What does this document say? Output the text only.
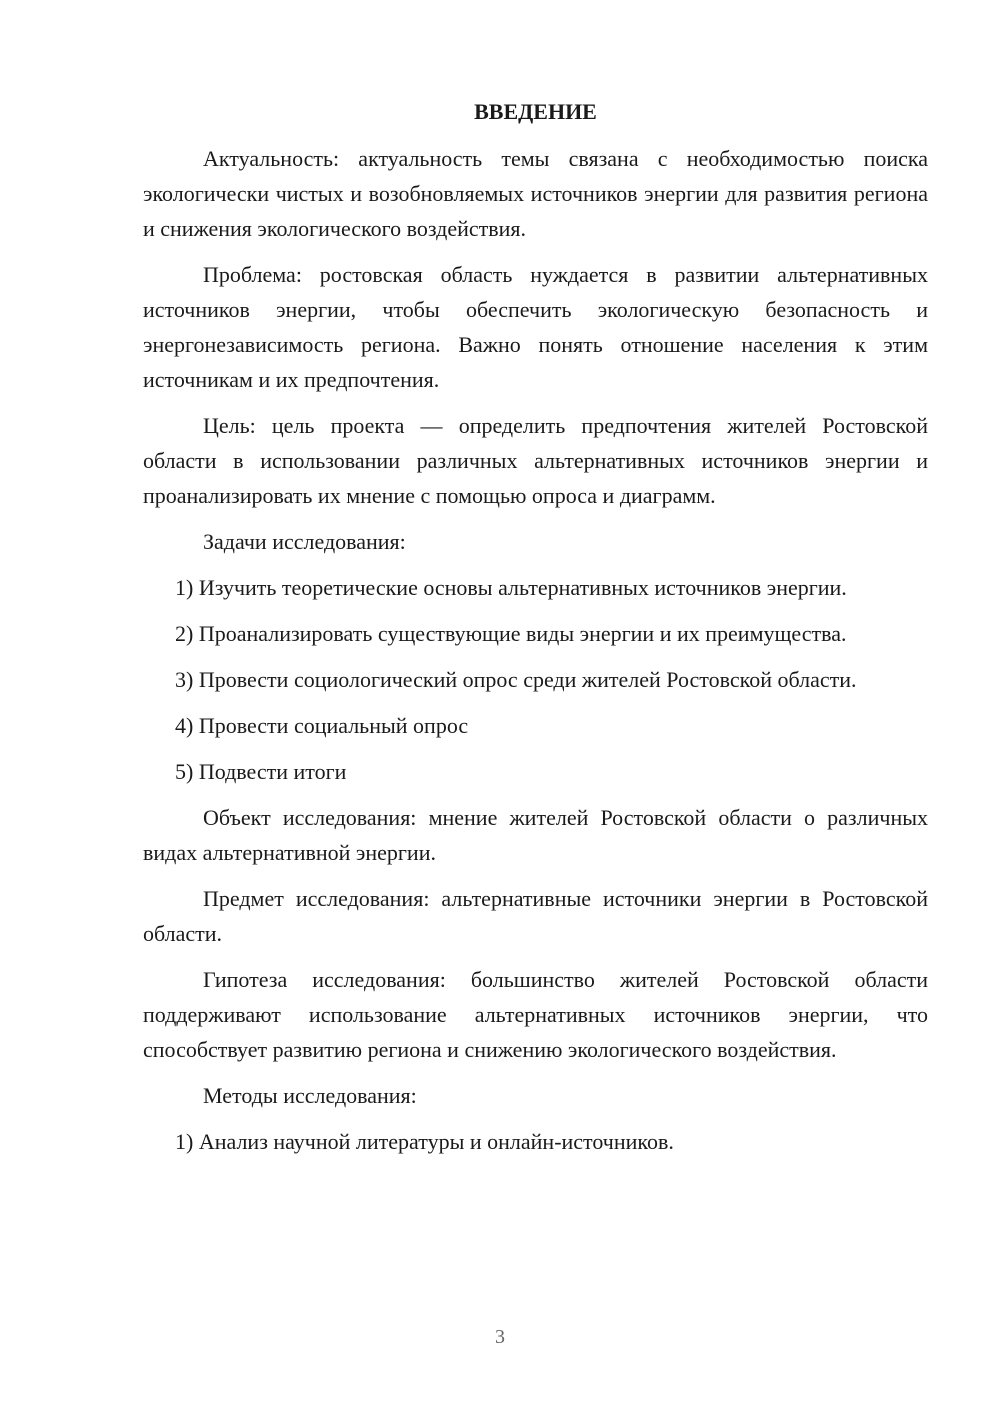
ВВЕДЕНИЕ

Актуальность: актуальность темы связана с необходимостью поиска экологически чистых и возобновляемых источников энергии для развития региона и снижения экологического воздействия.

Проблема: ростовская область нуждается в развитии альтернативных источников энергии, чтобы обеспечить экологическую безопасность и энергонезависимость региона. Важно понять отношение населения к этим источникам и их предпочтения.

Цель: цель проекта — определить предпочтения жителей Ростовской области в использовании различных альтернативных источников энергии и проанализировать их мнение с помощью опроса и диаграмм.

Задачи исследования:

1) Изучить теоретические основы альтернативных источников энергии.

2) Проанализировать существующие виды энергии и их преимущества.

3) Провести социологический опрос среди жителей Ростовской области.

4) Провести социальный опрос

5) Подвести итоги

Объект исследования: мнение жителей Ростовской области о различных видах альтернативной энергии.

Предмет исследования: альтернативные источники энергии в Ростовской области.

Гипотеза исследования: большинство жителей Ростовской области поддерживают использование альтернативных источников энергии, что способствует развитию региона и снижению экологического воздействия.

Методы исследования:

1) Анализ научной литературы и онлайн-источников.

3
